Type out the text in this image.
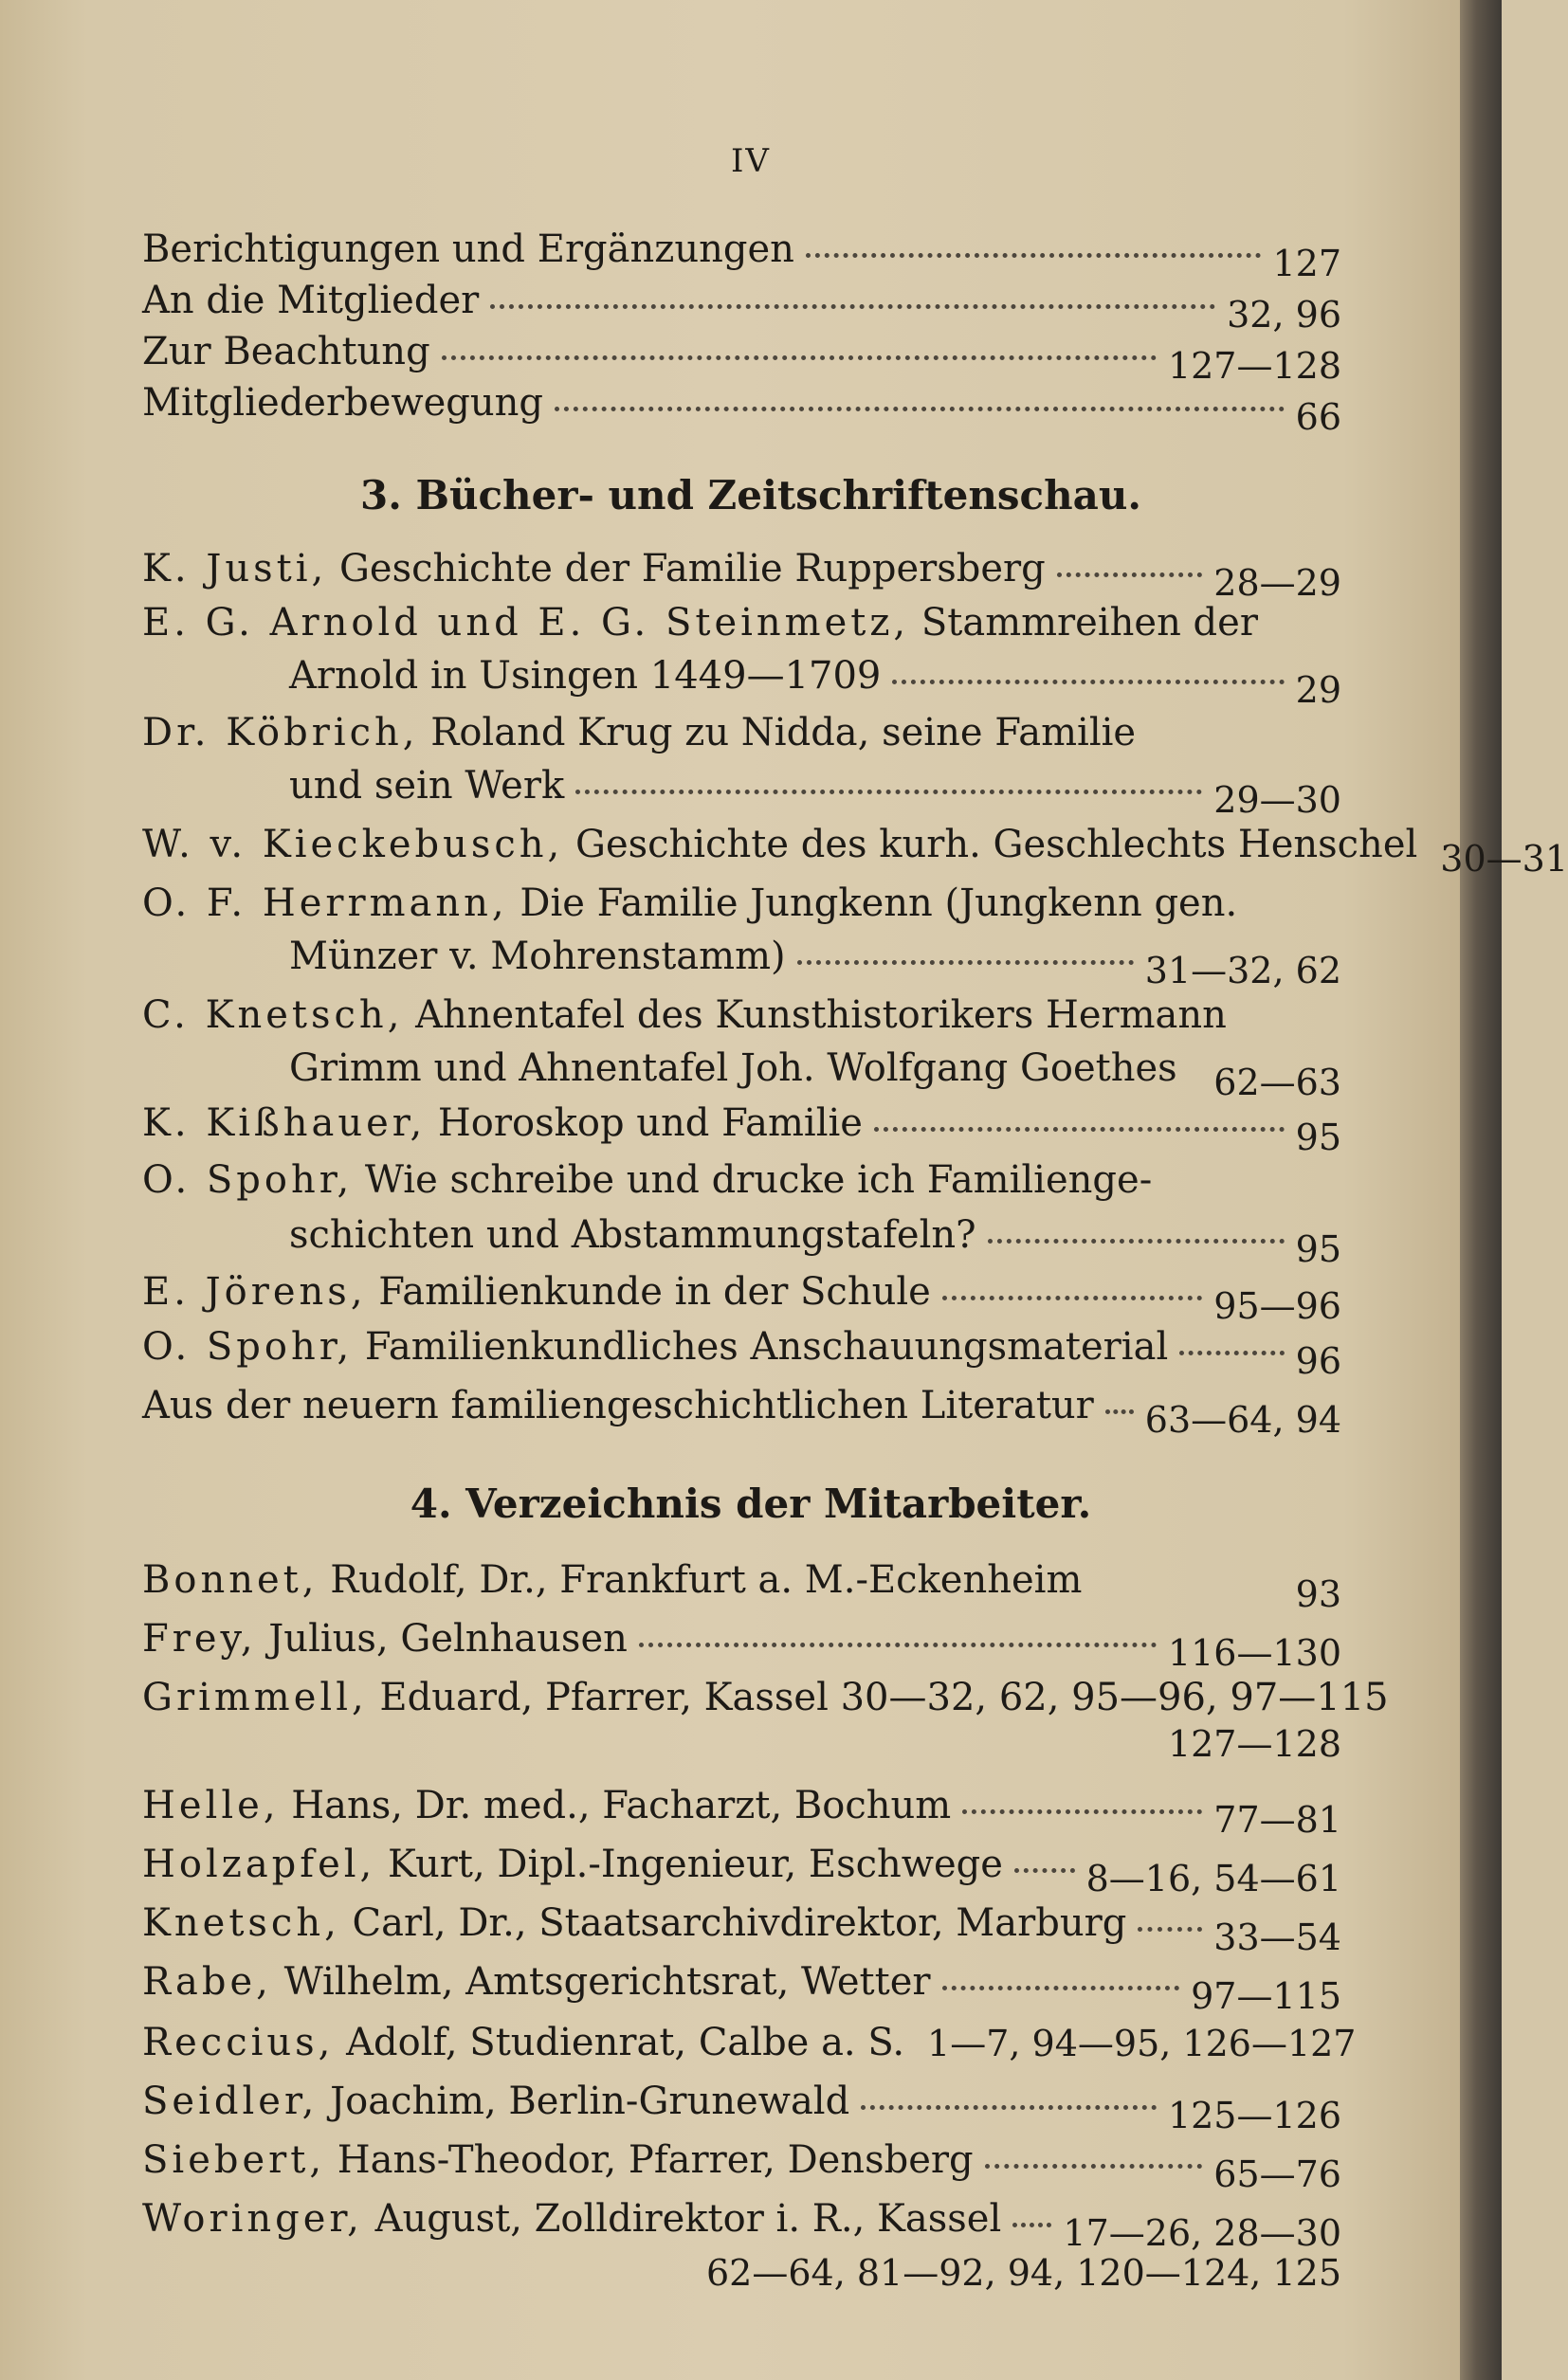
IV
Berichtigungen und Ergänzungen	127
An die Mitglieder	32, 96
Zur Beachtung	127—128
Mitgliederbewegung	66
3. Bücher- und Zeitschriftenschau.
K. Justi, Geschichte der Familie Ruppersberg	28—29
E. G. Arnold und E. G. Steinmetz, Stammreihen der
Arnold in Usingen 1449—1709	29
Dr. Köbrich, Roland Krug zu Nidda, seine Familie
und sein Werk	29—30
W. v. Kieckebusch, Geschichte des kurh. Geschlechts Henschel 30—31
O. F. Herrmann, Die Familie Jungkenn (Jungkenn gen.
Münzer v. Mohrenstamm)	31—32, 62
C. Knetsch, Ahnentafel des Kunsthistorikers Hermann
Grimm und Ahnentafel Joh. Wolfgang Goethes 62—63
K. Kißhauer, Horoskop und Familie	95
O. Spohr, Wie schreibe und drucke ich Familienge-
schichten und Abstammungstafeln?	95
E. Jörens, Familienkunde in der Schule	95—96
O. Spohr, Familienkundliches Anschauungsmaterial	96
Aus der neuern familiengeschichtlichen Literatur 63—64, 94
4. Verzeichnis der Mitarbeiter.
Bonnet, Rudolf, Dr., Frankfurt a. M.-Eckenheim	93
Frey, Julius, Gelnhausen	116—130
Grimmell, Eduard, Pfarrer, Kassel 30—32, 62, 95—96, 97—115
127—128
Helle, Hans, Dr. med., Facharzt, Bochum	77—81
Holzapfel, Kurt, Dipl.-Ingenieur, Eschwege 8—16, 54—61
Knetsch, Carl, Dr., Staatsarchivdirektor, Marburg 33—54
Rabe, Wilhelm, Amtsgerichtsrat, Wetter	97—115
Reccius, Adolf, Studienrat, Calbe a. S. 1—7, 94—95, 126—127
Seidler, Joachim, Berlin-Grunewald	125—126
Siebert, Hans-Theodor, Pfarrer, Densberg	65—76
Woringer, August, Zolldirektor i. R., Kassel 17—26, 28—30
62—64, 81—92, 94, 120—124, 125
